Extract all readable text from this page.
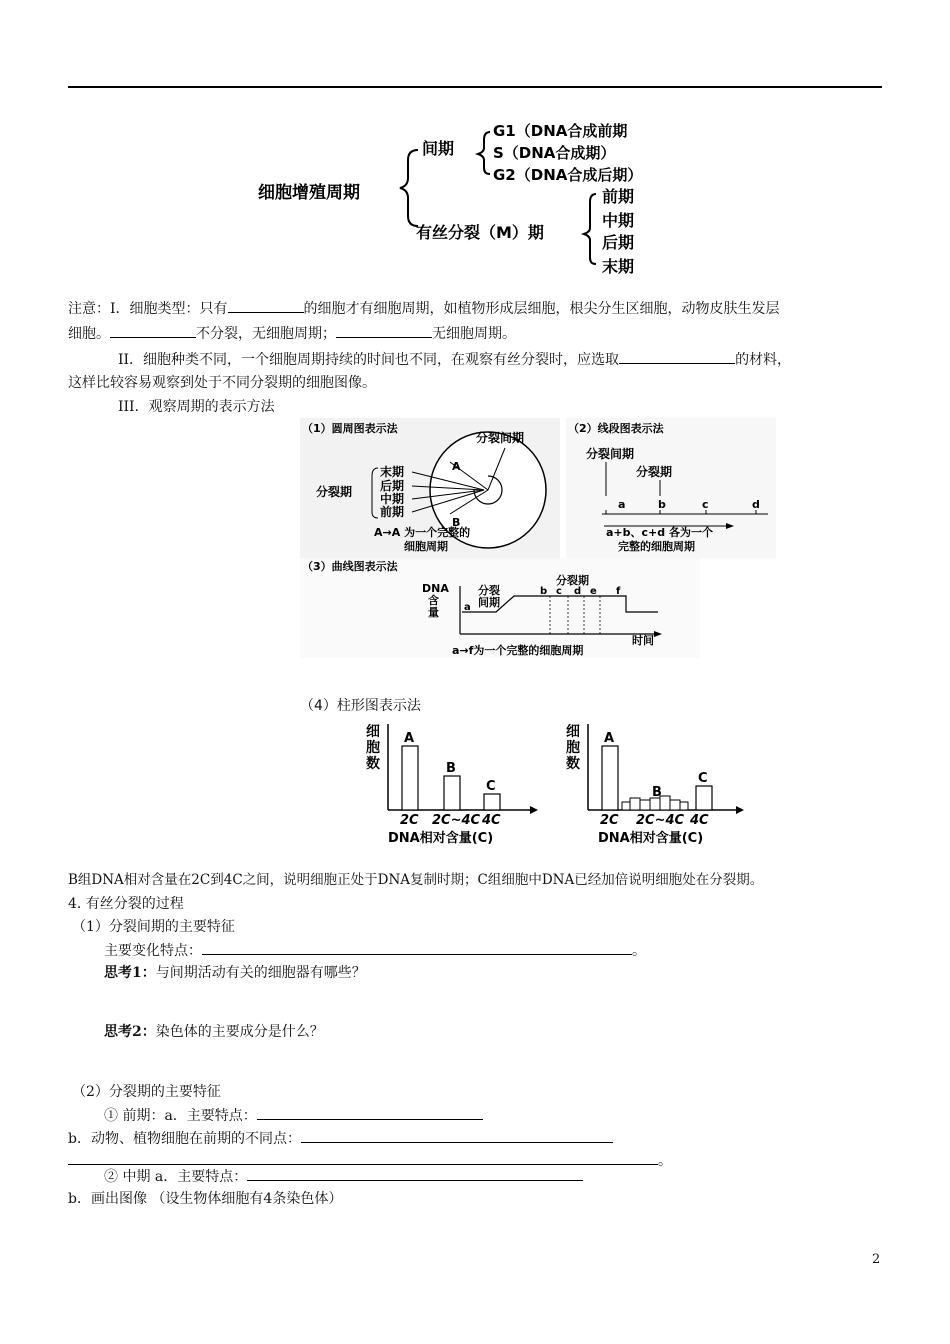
细胞增殖周期
间期
G1（DNA合成前期
S（DNA合成期）
G2（DNA合成后期）
有丝分裂（M）期
前期
中期
后期
末期
注意：I．细胞类型：只有	的细胞才有细胞周期，如植物形成层细胞，根尖分生区细胞，动物皮肤生发层
细胞。	不分裂，无细胞周期；	无细胞周期。
II．细胞种类不同，一个细胞周期持续的时间也不同，在观察有丝分裂时，应选取	的材料，
这样比较容易观察到处于不同分裂期的细胞图像。
III．观察周期的表示方法
（1）圆周图表示法
分裂间期
A
B
分裂期
末期
后期
中期
前期
A→A 为一个完整的
细胞周期
（2）线段图表示法
分裂间期
分裂期
a	b	c	d
a+b、c+d 各为一个
完整的细胞周期
（3）曲线图表示法
DNA
含
量
分裂
间期
分裂期
a
b c d e f
时间
a→f为一个完整的细胞周期
（4）柱形图表示法
细
胞
数
A
B
C
2C 2C~4C 4C
DNA相对含量(C)
细
胞
数
A
B
C
2C 2C~4C 4C
DNA相对含量(C)
B组DNA相对含量在2C到4C之间，说明细胞正处于DNA复制时期；C组细胞中DNA已经加倍说明细胞处在分裂期。
4. 有丝分裂的过程
（1）分裂间期的主要特征
主要变化特点：	。
思考1：与间期活动有关的细胞器有哪些？
思考2：染色体的主要成分是什么？
（2）分裂期的主要特征
① 前期：a．主要特点：
b．动物、植物细胞在前期的不同点：
。
② 中期 a．主要特点：
b．画出图像 （设生物体细胞有4条染色体）
2
